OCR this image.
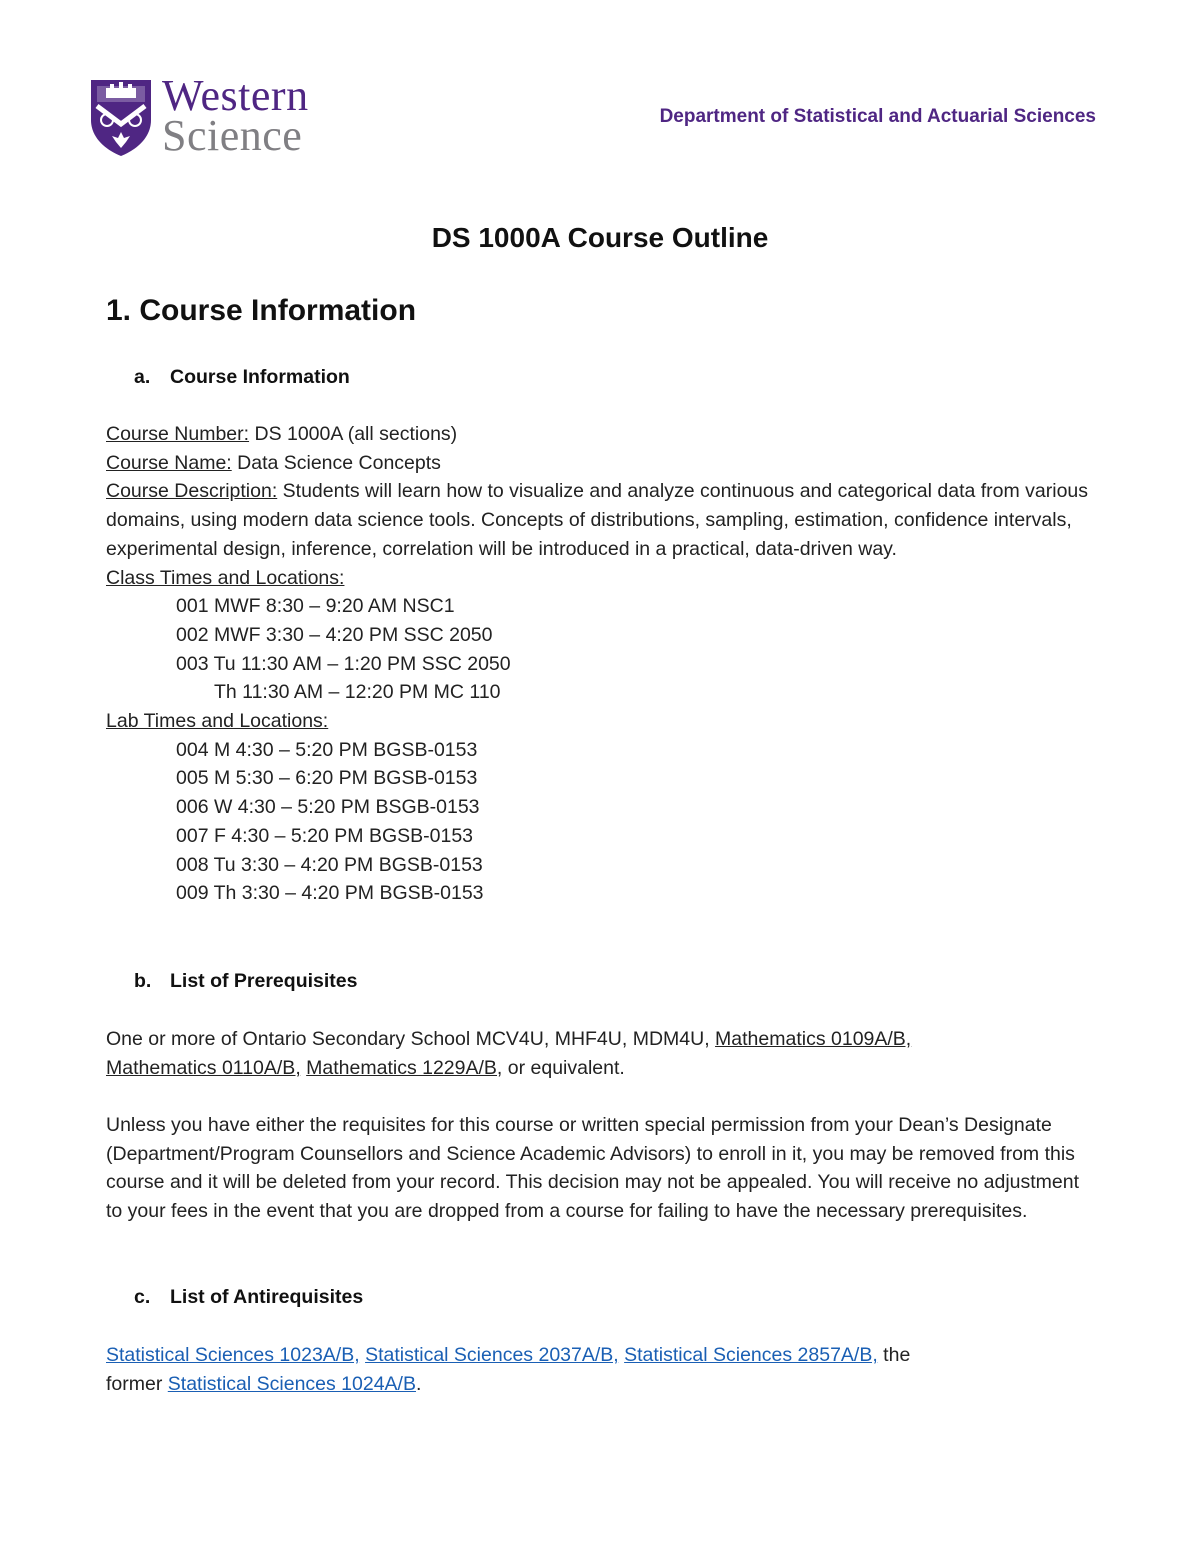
Western
Science	Department of Statistical and Actuarial Sciences
DS 1000A Course Outline
1. Course Information
a. Course Information
Course Number: DS 1000A (all sections)
Course Name: Data Science Concepts
Course Description: Students will learn how to visualize and analyze continuous and categorical data from various domains, using modern data science tools. Concepts of distributions, sampling, estimation, confidence intervals, experimental design, inference, correlation will be introduced in a practical, data-driven way.
Class Times and Locations:
001 MWF 8:30 – 9:20 AM NSC1
002 MWF 3:30 – 4:20 PM SSC 2050
003 Tu 11:30 AM – 1:20 PM SSC 2050
Th 11:30 AM – 12:20 PM MC 110
Lab Times and Locations:
004 M 4:30 – 5:20 PM BGSB-0153
005 M 5:30 – 6:20 PM BGSB-0153
006 W 4:30 – 5:20 PM BSGB-0153
007 F 4:30 – 5:20 PM BGSB-0153
008 Tu 3:30 – 4:20 PM BGSB-0153
009 Th 3:30 – 4:20 PM BGSB-0153
b. List of Prerequisites
One or more of Ontario Secondary School MCV4U, MHF4U, MDM4U, Mathematics 0109A/B, Mathematics 0110A/B, Mathematics 1229A/B, or equivalent.
Unless you have either the requisites for this course or written special permission from your Dean’s Designate (Department/Program Counsellors and Science Academic Advisors) to enroll in it, you may be removed from this course and it will be deleted from your record. This decision may not be appealed. You will receive no adjustment to your fees in the event that you are dropped from a course for failing to have the necessary prerequisites.
c. List of Antirequisites
Statistical Sciences 1023A/B, Statistical Sciences 2037A/B, Statistical Sciences 2857A/B, the
former Statistical Sciences 1024A/B.
